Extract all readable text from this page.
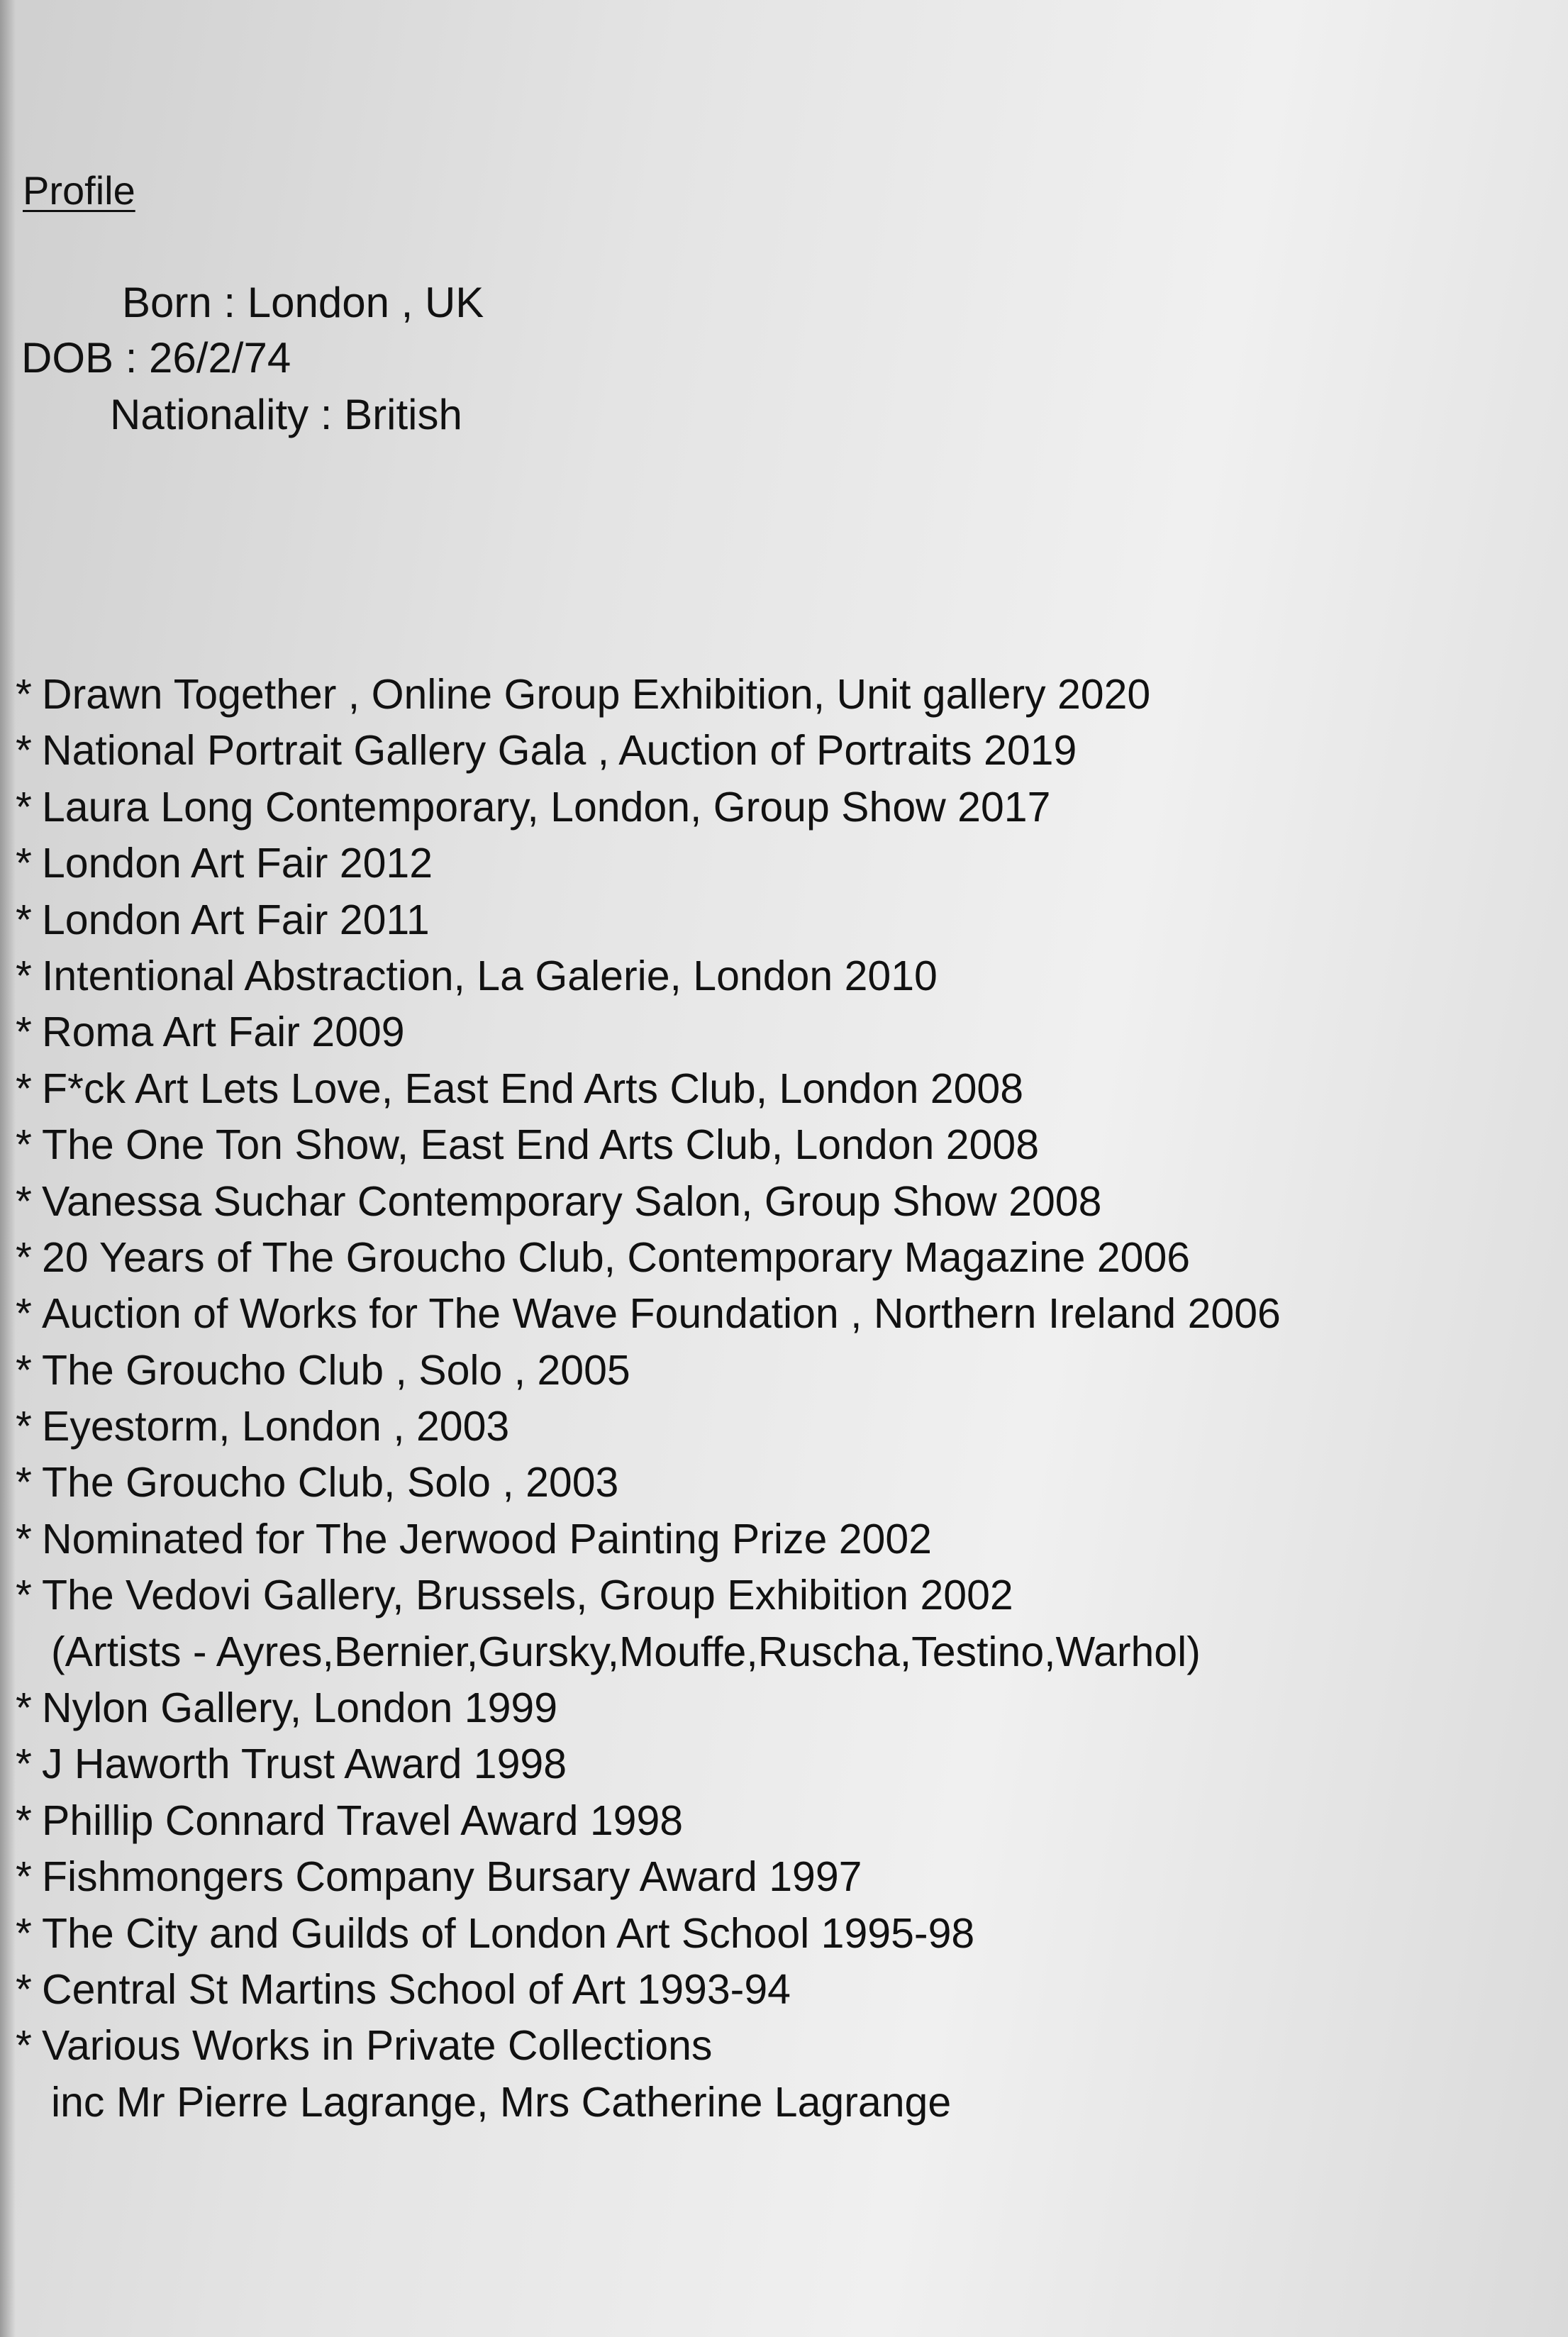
Profile
Born : London , UK
DOB : 26/2/74
Nationality : British
* Drawn Together , Online Group Exhibition, Unit gallery 2020
* National Portrait Gallery Gala , Auction of Portraits 2019
* Laura Long Contemporary, London, Group Show 2017
* London Art Fair 2012
* London Art Fair 2011
* Intentional Abstraction, La Galerie, London 2010
* Roma Art Fair 2009
* F*ck Art Lets Love, East End Arts Club, London 2008
* The One Ton Show, East End Arts Club, London 2008
* Vanessa Suchar Contemporary Salon, Group Show 2008
* 20 Years of The Groucho Club, Contemporary Magazine 2006
* Auction of Works for The Wave Foundation , Northern Ireland 2006
* The Groucho Club , Solo , 2005
* Eyestorm, London , 2003
* The Groucho Club, Solo , 2003
* Nominated for The Jerwood Painting Prize 2002
* The Vedovi Gallery, Brussels, Group Exhibition 2002
(Artists - Ayres,Bernier,Gursky,Mouffe,Ruscha,Testino,Warhol)
* Nylon Gallery, London 1999
* J Haworth Trust Award 1998
* Phillip Connard Travel Award 1998
* Fishmongers Company Bursary Award 1997
* The City and Guilds of London Art School 1995-98
* Central St Martins School of Art 1993-94
* Various Works in Private Collections
inc Mr Pierre Lagrange, Mrs Catherine Lagrange
